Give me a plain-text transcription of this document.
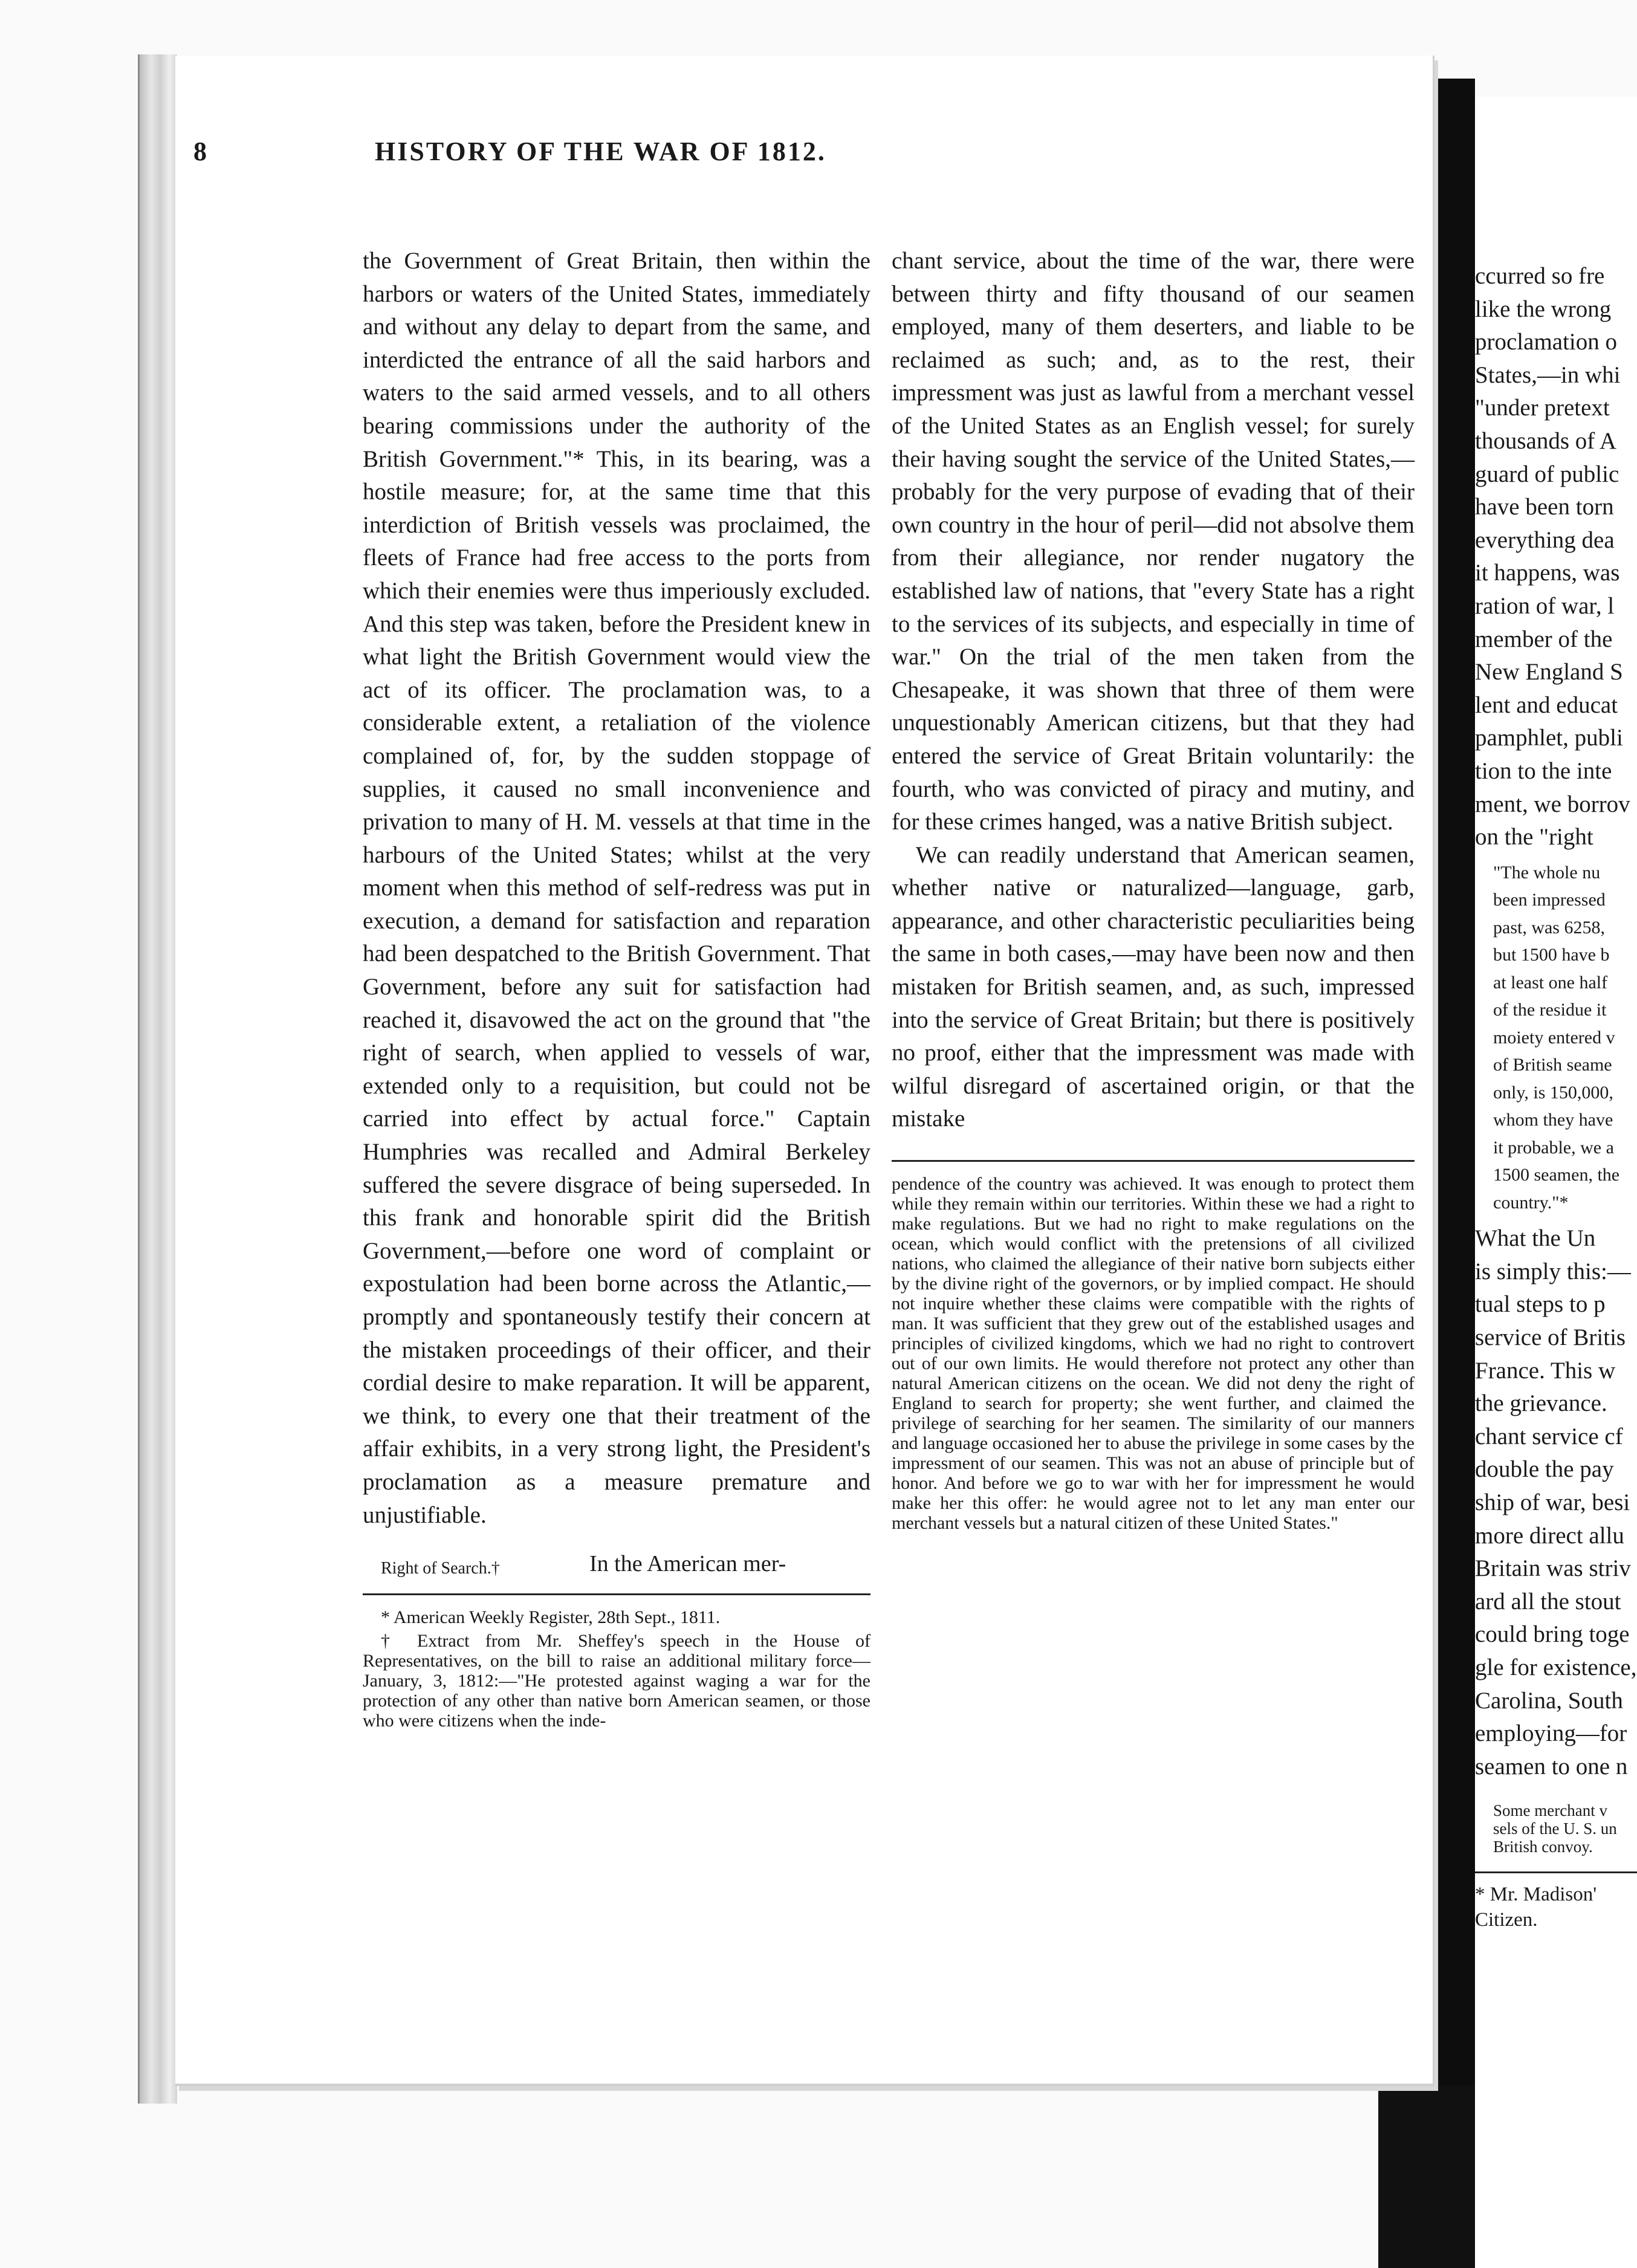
8	HISTORY OF THE WAR OF 1812.

the Government of Great Britain, then within the harbors or waters of the United States, immediately and without any delay to depart from the same, and interdicted the entrance of all the said harbors and waters to the said armed vessels, and to all others bearing commissions under the authority of the British Government."* This, in its bearing, was a hostile measure; for, at the same time that this interdiction of British vessels was proclaimed, the fleets of France had free access to the ports from which their enemies were thus imperiously excluded. And this step was taken, before the President knew in what light the British Government would view the act of its officer. The proclamation was, to a considerable extent, a retaliation of the violence complained of, for, by the sudden stoppage of supplies, it caused no small inconvenience and privation to many of H. M. vessels at that time in the harbours of the United States; whilst at the very moment when this method of self-redress was put in execution, a demand for satisfaction and reparation had been despatched to the British Government. That Government, before any suit for satisfaction had reached it, disavowed the act on the ground that "the right of search, when applied to vessels of war, extended only to a requisition, but could not be carried into effect by actual force." Captain Humphries was recalled and Admiral Berkeley suffered the severe disgrace of being superseded. In this frank and honorable spirit did the British Government,—before one word of complaint or expostulation had been borne across the Atlantic,—promptly and spontaneously testify their concern at the mistaken proceedings of their officer, and their cordial desire to make reparation. It will be apparent, we think, to every one that their treatment of the affair exhibits, in a very strong light, the President's proclamation as a measure premature and unjustifiable.

Right of Search.†	In the American mer-

* American Weekly Register, 28th Sept., 1811.

† Extract from Mr. Sheffey's speech in the House of Representatives, on the bill to raise an additional military force—January, 3, 1812:—"He protested against waging a war for the protection of any other than native born American seamen, or those who were citizens when the inde-

chant service, about the time of the war, there were between thirty and fifty thousand of our seamen employed, many of them deserters, and liable to be reclaimed as such; and, as to the rest, their impressment was just as lawful from a merchant vessel of the United States as an English vessel; for surely their having sought the service of the United States,—probably for the very purpose of evading that of their own country in the hour of peril—did not absolve them from their allegiance, nor render nugatory the established law of nations, that "every State has a right to the services of its subjects, and especially in time of war." On the trial of the men taken from the Chesapeake, it was shown that three of them were unquestionably American citizens, but that they had entered the service of Great Britain voluntarily: the fourth, who was convicted of piracy and mutiny, and for these crimes hanged, was a native British subject.

We can readily understand that American seamen, whether native or naturalized—language, garb, appearance, and other characteristic peculiarities being the same in both cases,—may have been now and then mistaken for British seamen, and, as such, impressed into the service of Great Britain; but there is positively no proof, either that the impressment was made with wilful disregard of ascertained origin, or that the mistake

pendence of the country was achieved. It was enough to protect them while they remain within our territories. Within these we had a right to make regulations. But we had no right to make regulations on the ocean, which would conflict with the pretensions of all civilized nations, who claimed the allegiance of their native born subjects either by the divine right of the governors, or by implied compact. He should not inquire whether these claims were compatible with the rights of man. It was sufficient that they grew out of the established usages and principles of civilized kingdoms, which we had no right to controvert out of our own limits. He would therefore not protect any other than natural American citizens on the ocean. We did not deny the right of England to search for property; she went further, and claimed the privilege of searching for her seamen. The similarity of our manners and language occasioned her to abuse the privilege in some cases by the impressment of our seamen. This was not an abuse of principle but of honor. And before we go to war with her for impressment he would make her this offer: he would agree not to let any man enter our merchant vessels but a natural citizen of these United States."

ccurred so fre
like the wrong
proclamation o
States,—in whi
"under pretext
thousands of A
guard of public
have been torn
everything dea
it happens, was
ration of war, l
member of the
New England S
lent and educat
pamphlet, publi
tion to the inte
ment, we borrov
on the "right
"The whole nu
been impressed
past, was 6258,
but 1500 have b
at least one half
of the residue it
moiety entered v
of British seame
only, is 150,000,
whom they have
it probable, we a
1500 seamen, the
country."*
What the Un
is simply this:—
tual steps to p
service of Britis
France. This w
the grievance.
chant service cf
double the pay
ship of war, besi
more direct allu
Britain was striv
ard all the stout
could bring toge
gle for existence,
Carolina, South
employing—for
seamen to one n
Some merchant v
sels of the U. S. un
British convoy.
* Mr. Madison'
Citizen.
